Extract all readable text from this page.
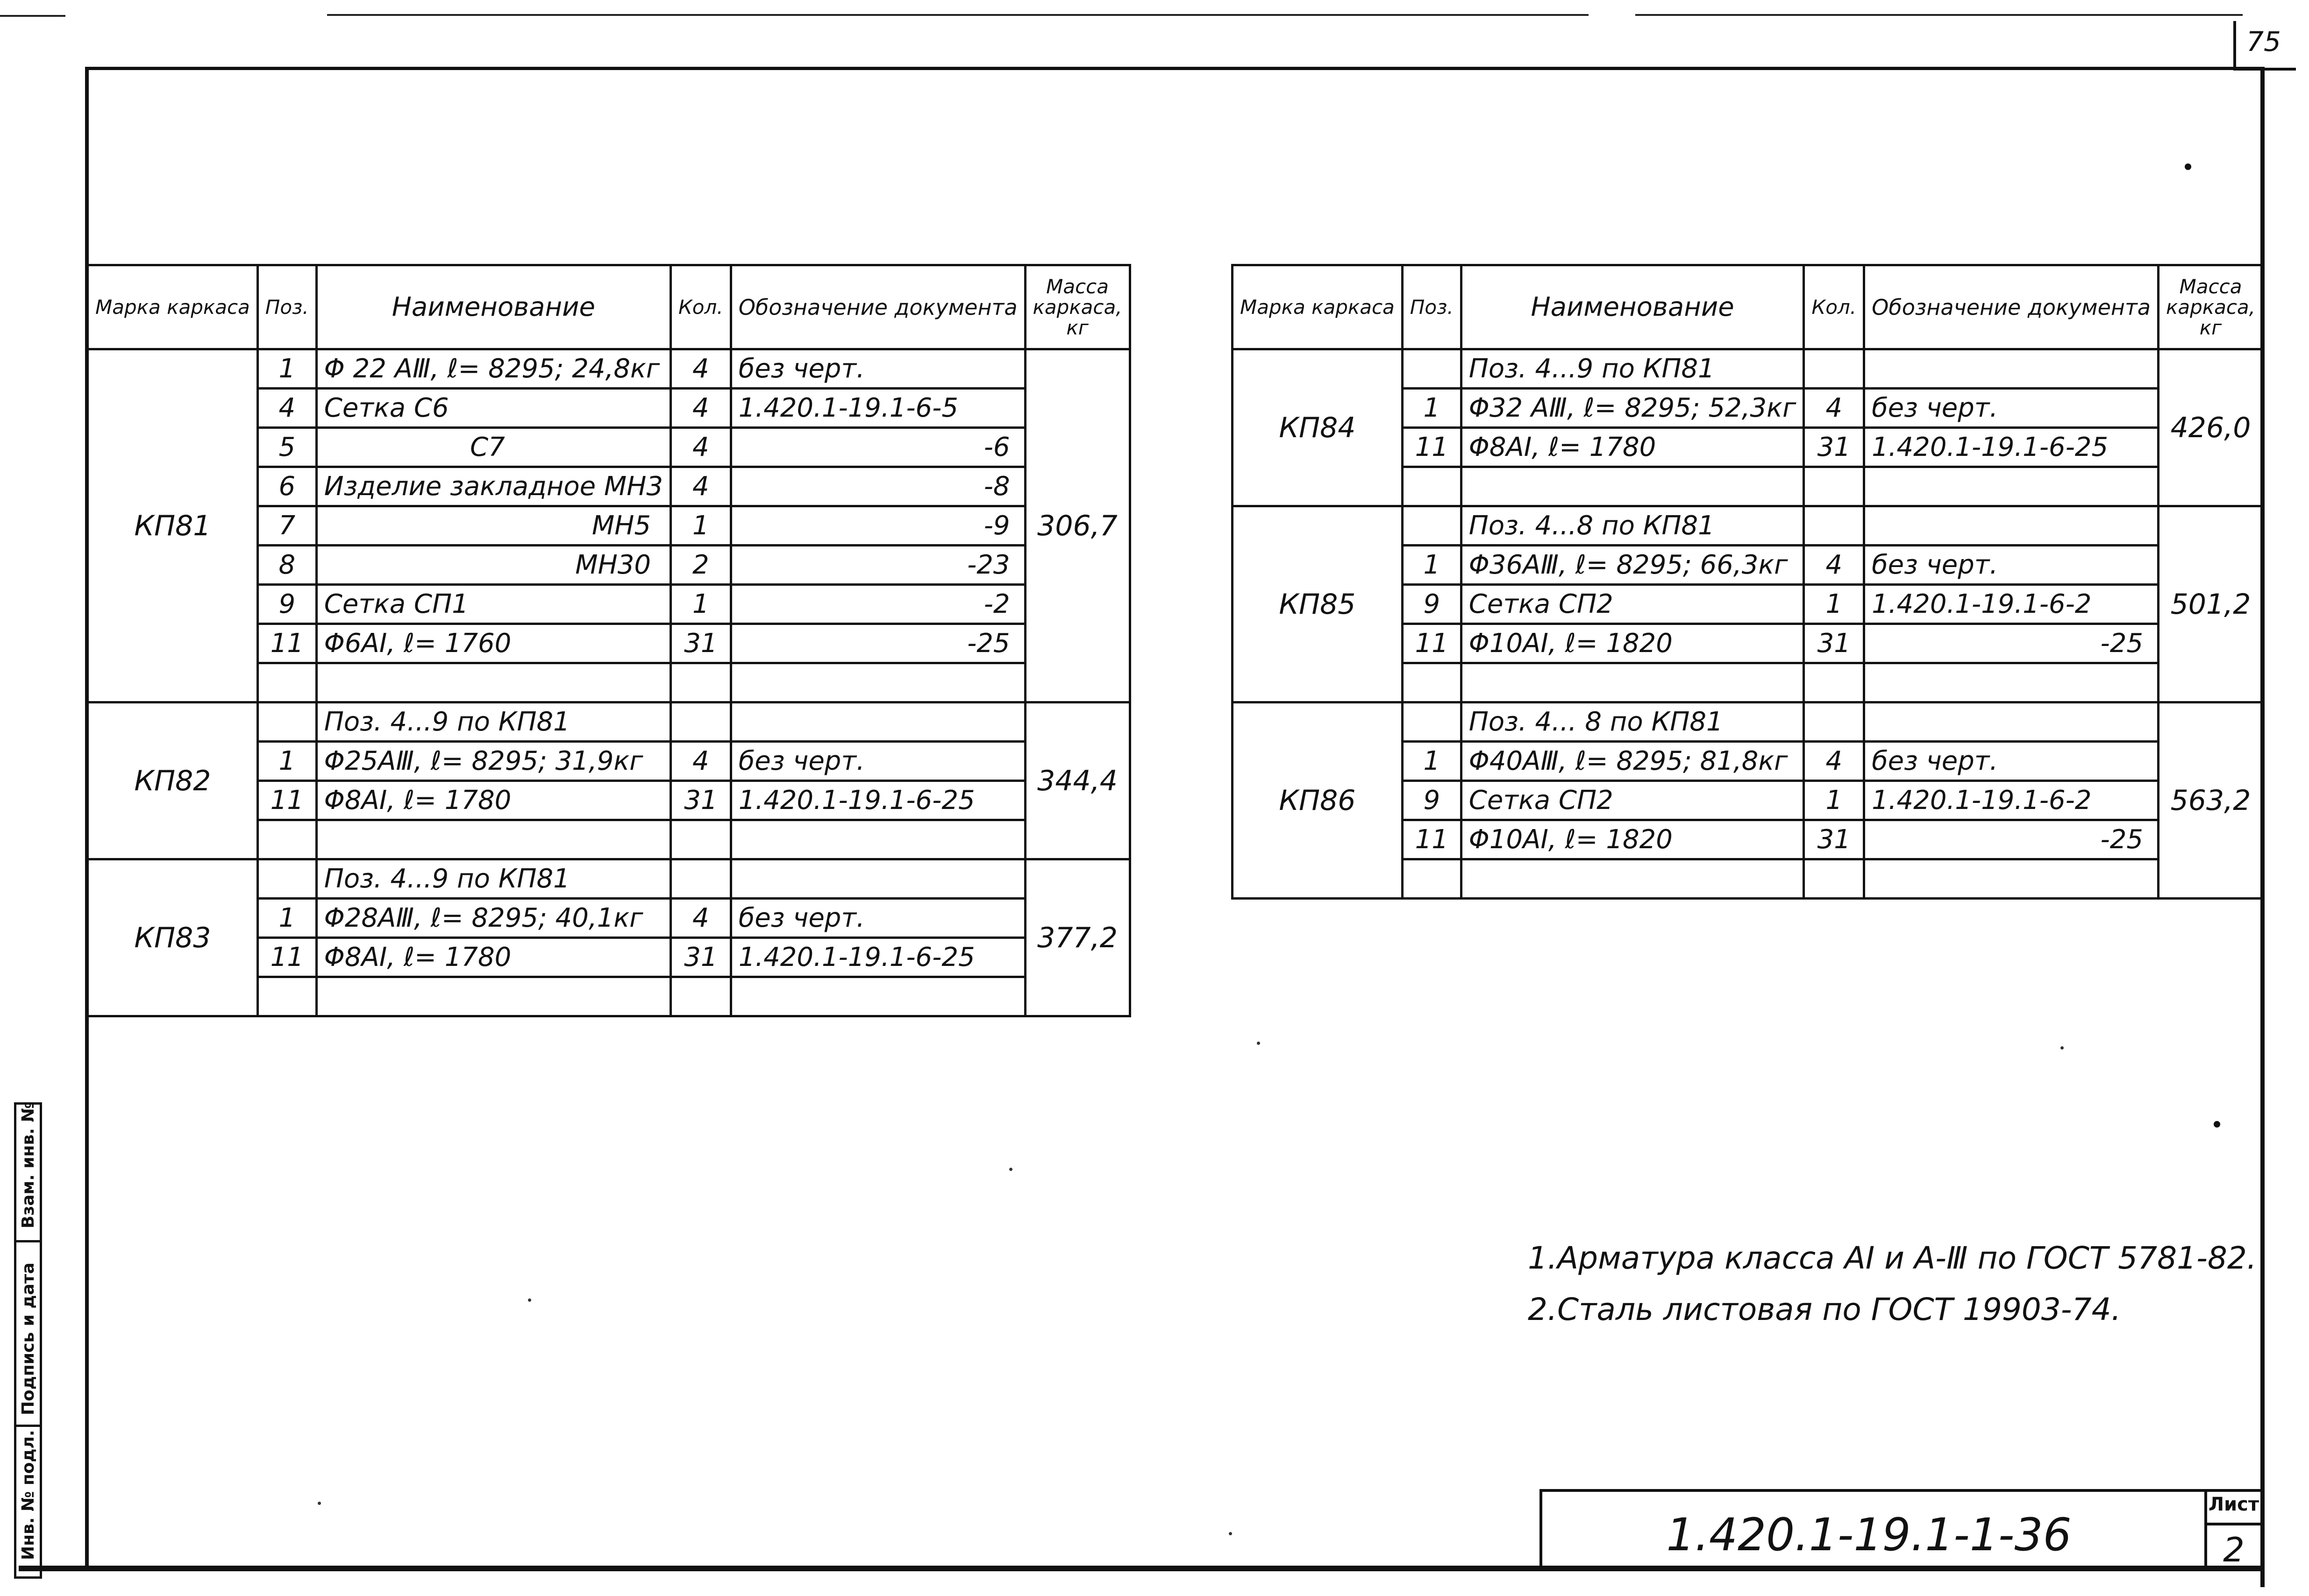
75
Марка каркаса	Поз.	Наименование	Кол.	Обозначение документа	Масса каркаса, кг
КП81	1	Φ 22 AⅢ, ℓ= 8295; 24,8кг	4	без черт.	306,7
	4	Сетка С6	4	1.420.1-19.1-6-5	
	5	С7	4	-6	
	6	Изделие закладное МН3	4	-8	
	7	МН5	1	-9	
	8	МН30	2	-23	
	9	Сетка СП1	1	-2	
	11	Φ6AI, ℓ= 1760	31	-25	

КП82		Поз. 4...9 по КП81			344,4
	1	Φ25AⅢ, ℓ= 8295; 31,9кг	4	без черт.	
	11	Φ8AI, ℓ= 1780	31	1.420.1-19.1-6-25	

КП83		Поз. 4...9 по КП81			377,2
	1	Φ28AⅢ, ℓ= 8295; 40,1кг	4	без черт.	
	11	Φ8AI, ℓ= 1780	31	1.420.1-19.1-6-25	

Марка каркаса	Поз.	Наименование	Кол.	Обозначение документа	Масса каркаса, кг
КП84		Поз. 4...9 по КП81			426,0
	1	Φ32 AⅢ, ℓ= 8295; 52,3кг	4	без черт.	
	11	Φ8AI, ℓ= 1780	31	1.420.1-19.1-6-25	

КП85		Поз. 4...8 по КП81			501,2
	1	Φ36AⅢ, ℓ= 8295; 66,3кг	4	без черт.	
	9	Сетка СП2	1	1.420.1-19.1-6-2	
	11	Φ10AI, ℓ= 1820	31	-25	

КП86		Поз. 4... 8 по КП81			563,2
	1	Φ40AⅢ, ℓ= 8295; 81,8кг	4	без черт.	
	9	Сетка СП2	1	1.420.1-19.1-6-2	
	11	Φ10AI, ℓ= 1820	31	-25	

1.Арматура класса AI и A-Ⅲ по ГОСТ 5781-82.
2.Сталь листовая по ГОСТ 19903-74.
1.420.1-19.1-1-36
Лист
2
Взам. инв. №
Подпись и дата
Инв. № подл.
